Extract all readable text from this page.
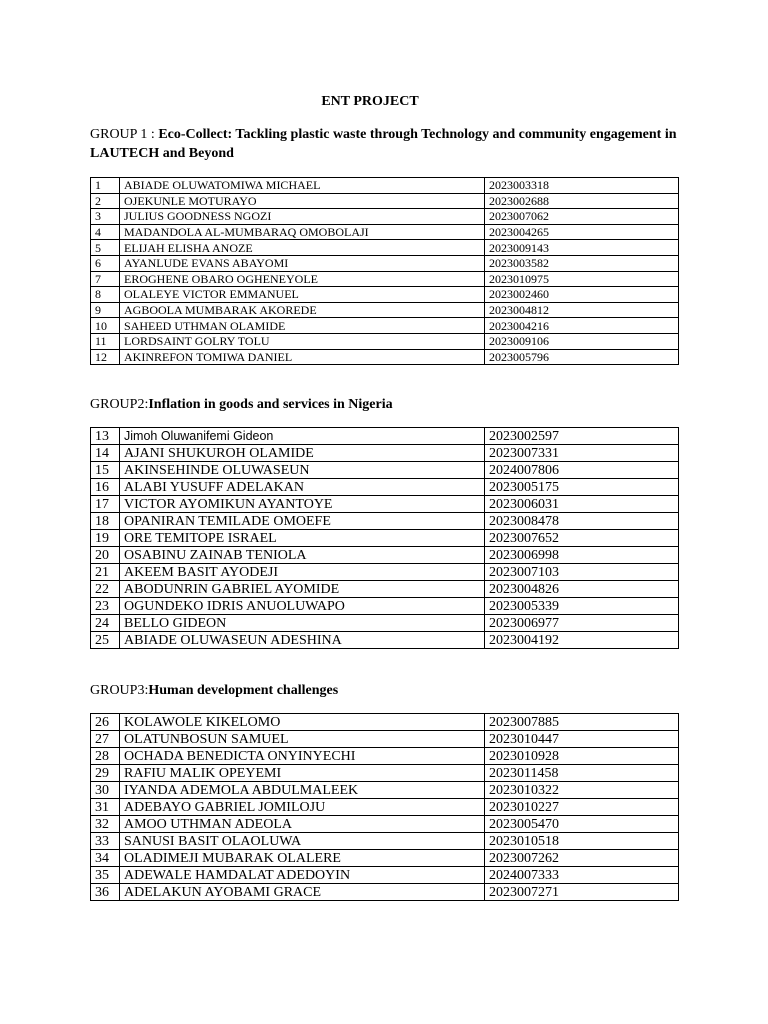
ENT PROJECT
GROUP 1 : Eco-Collect: Tackling plastic waste through Technology and community engagement in LAUTECH and Beyond
1	ABIADE OLUWATOMIWA MICHAEL	2023003318
2	OJEKUNLE MOTURAYO	2023002688
3	JULIUS GOODNESS NGOZI	2023007062
4	MADANDOLA AL-MUMBARAQ OMOBOLAJI	2023004265
5	ELIJAH ELISHA ANOZE	2023009143
6	AYANLUDE EVANS ABAYOMI	2023003582
7	EROGHENE OBARO OGHENEYOLE	2023010975
8	OLALEYE VICTOR EMMANUEL	2023002460
9	AGBOOLA MUMBARAK AKOREDE	2023004812
10	SAHEED UTHMAN OLAMIDE	2023004216
11	LORDSAINT GOLRY TOLU	2023009106
12	AKINREFON TOMIWA DANIEL	2023005796
GROUP2:Inflation in goods and services in Nigeria
13	Jimoh Oluwanifemi Gideon	2023002597
14	AJANI SHUKUROH OLAMIDE	2023007331
15	AKINSEHINDE OLUWASEUN	2024007806
16	ALABI YUSUFF ADELAKAN	2023005175
17	VICTOR AYOMIKUN AYANTOYE	2023006031
18	OPANIRAN TEMILADE OMOEFE	2023008478
19	ORE TEMITOPE ISRAEL	2023007652
20	OSABINU ZAINAB TENIOLA	2023006998
21	AKEEM BASIT AYODEJI	2023007103
22	ABODUNRIN GABRIEL AYOMIDE	2023004826
23	OGUNDEKO IDRIS ANUOLUWAPO	2023005339
24	BELLO GIDEON	2023006977
25	ABIADE OLUWASEUN ADESHINA	2023004192
GROUP3:Human development challenges
26	KOLAWOLE KIKELOMO	2023007885
27	OLATUNBOSUN SAMUEL	2023010447
28	OCHADA BENEDICTA ONYINYECHI	2023010928
29	RAFIU MALIK OPEYEMI	2023011458
30	IYANDA ADEMOLA ABDULMALEEK	2023010322
31	ADEBAYO GABRIEL JOMILOJU	2023010227
32	AMOO UTHMAN ADEOLA	2023005470
33	SANUSI BASIT OLAOLUWA	2023010518
34	OLADIMEJI MUBARAK OLALERE	2023007262
35	ADEWALE HAMDALAT ADEDOYIN	2024007333
36	ADELAKUN AYOBAMI GRACE	2023007271
